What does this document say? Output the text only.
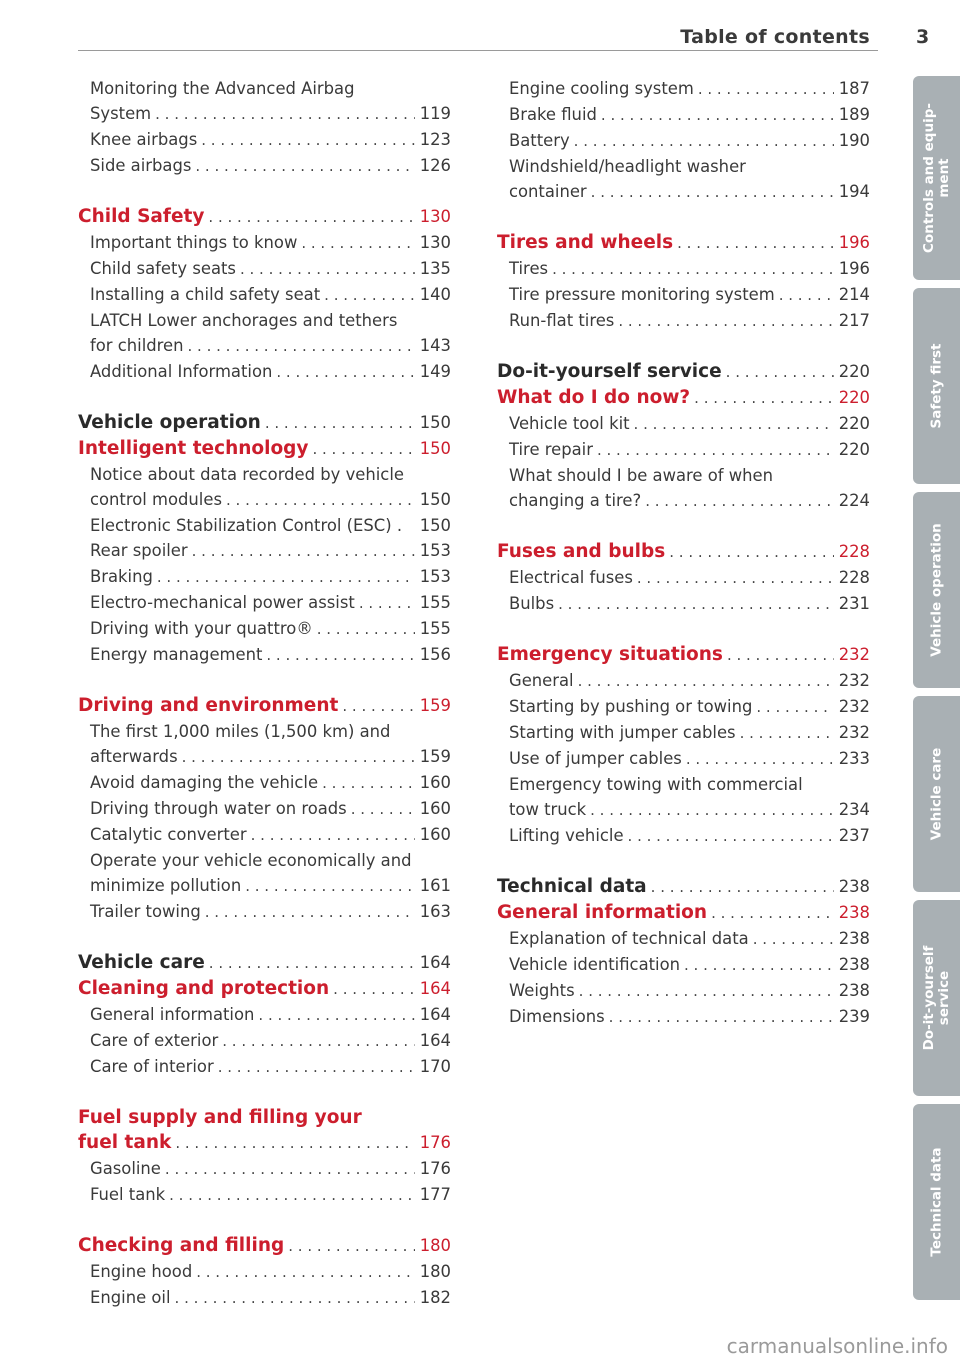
Table of contents 3
Monitoring the Advanced Airbag
System . . .	119
Knee airbags . . .	123
Side airbags . . .	126
Child Safety . . .	130
Important things to know . . .	130
Child safety seats . . .	135
Installing a child safety seat . . .	140
LATCH Lower anchorages and tethers
for children . . .	143
Additional Information . . .	149
Vehicle operation . . .	150
Intelligent technology . . .	150
Notice about data recorded by vehicle
control modules . . .	150
Electronic Stabilization Control (ESC) . 150
Rear spoiler . . .	153
Braking . . .	153
Electro-mechanical power assist . . .	155
Driving with your quattro® . . .	155
Energy management . . .	156
Driving and environment . . .	159
The first 1,000 miles (1,500 km) and
afterwards . . .	159
Avoid damaging the vehicle . . .	160
Driving through water on roads . . .	160
Catalytic converter . . .	160
Operate your vehicle economically and
minimize pollution . . .	161
Trailer towing . . .	163
Vehicle care . . .	164
Cleaning and protection . . .	164
General information . . .	164
Care of exterior . . .	164
Care of interior . . .	170
Fuel supply and filling your
fuel tank . . .	176
Gasoline . . .	176
Fuel tank . . .	177
Checking and filling . . .	180
Engine hood . . .	180
Engine oil . . .	182
Engine cooling system . . .	187
Brake fluid . . .	189
Battery . . .	190
Windshield/headlight washer
container . . .	194
Tires and wheels . . .	196
Tires . . .	196
Tire pressure monitoring system . . .	214
Run-flat tires . . .	217
Do-it-yourself service . . .	220
What do I do now? . . .	220
Vehicle tool kit . . .	220
Tire repair . . .	220
What should I be aware of when
changing a tire? . . .	224
Fuses and bulbs . . .	228
Electrical fuses . . .	228
Bulbs . . .	231
Emergency situations . . .	232
General . . .	232
Starting by pushing or towing . . .	232
Starting with jumper cables . . .	232
Use of jumper cables . . .	233
Emergency towing with commercial
tow truck . . .	234
Lifting vehicle . . .	237
Technical data . . .	238
General information . . .	238
Explanation of technical data . . .	238
Vehicle identification . . .	238
Weights . . .	238
Dimensions . . .	239
Controls and equip-
ment
Safety first
Vehicle operation
Vehicle care
Do-it-yourself
service
Technical data
carmanualsonline.info
